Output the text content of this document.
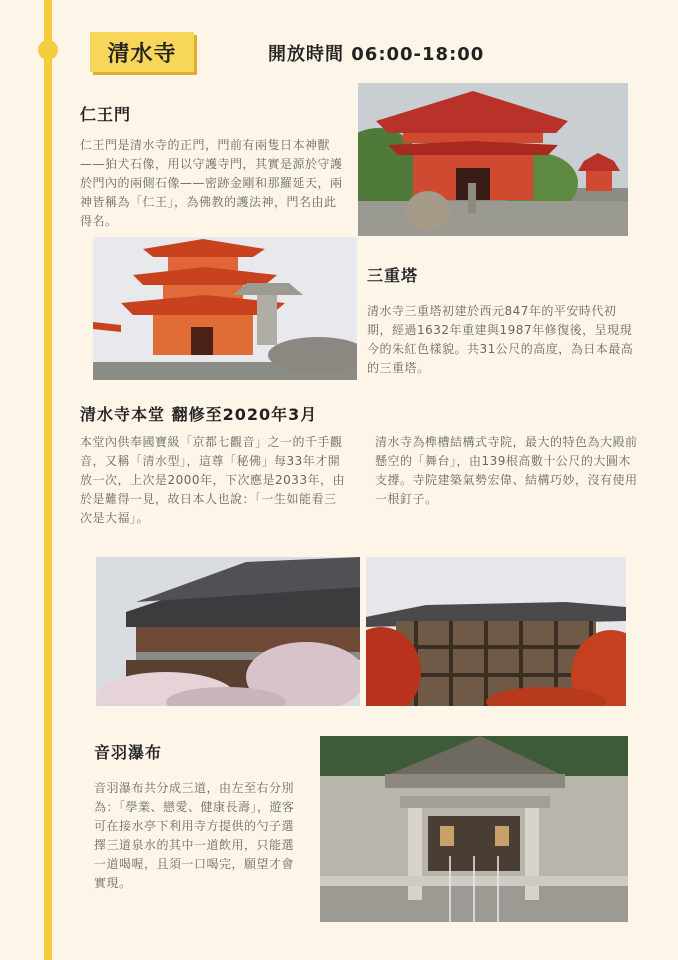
清水寺	開放時間 06:00-18:00
仁王門

仁王門是清水寺的正門，門前有兩隻日本神獸——狛犬石像，用以守護寺門，其實是源於守護於門內的兩側石像——密跡金剛和那羅延天，兩神皆稱為「仁王」，為佛教的護法神，門名由此得名。

三重塔

清水寺三重塔初建於西元847年的平安時代初期，經過1632年重建與1987年修復後，呈現現今的朱紅色樣貌。共31公尺的高度，為日本最高的三重塔。

清水寺本堂 翻修至2020年3月

本堂內供奉國寶級「京都七觀音」之一的千手觀音，又稱「清水型」，這尊「秘佛」每33年才開放一次，上次是2000年，下次應是2033年，由於是難得一見，故日本人也說：「一生如能看三次是大福」。

清水寺為榫槽結構式寺院，最大的特色為大殿前懸空的「舞台」，由139根高數十公尺的大圓木支撐。寺院建築氣勢宏偉、結構巧妙，沒有使用一根釘子。

音羽瀑布

音羽瀑布共分成三道，由左至右分別為：「學業、戀愛、健康長壽」，遊客可在接水亭下利用寺方提供的勺子選擇三道泉水的其中一道飲用，只能選一道喝喔，且須一口喝完，願望才會實現。
